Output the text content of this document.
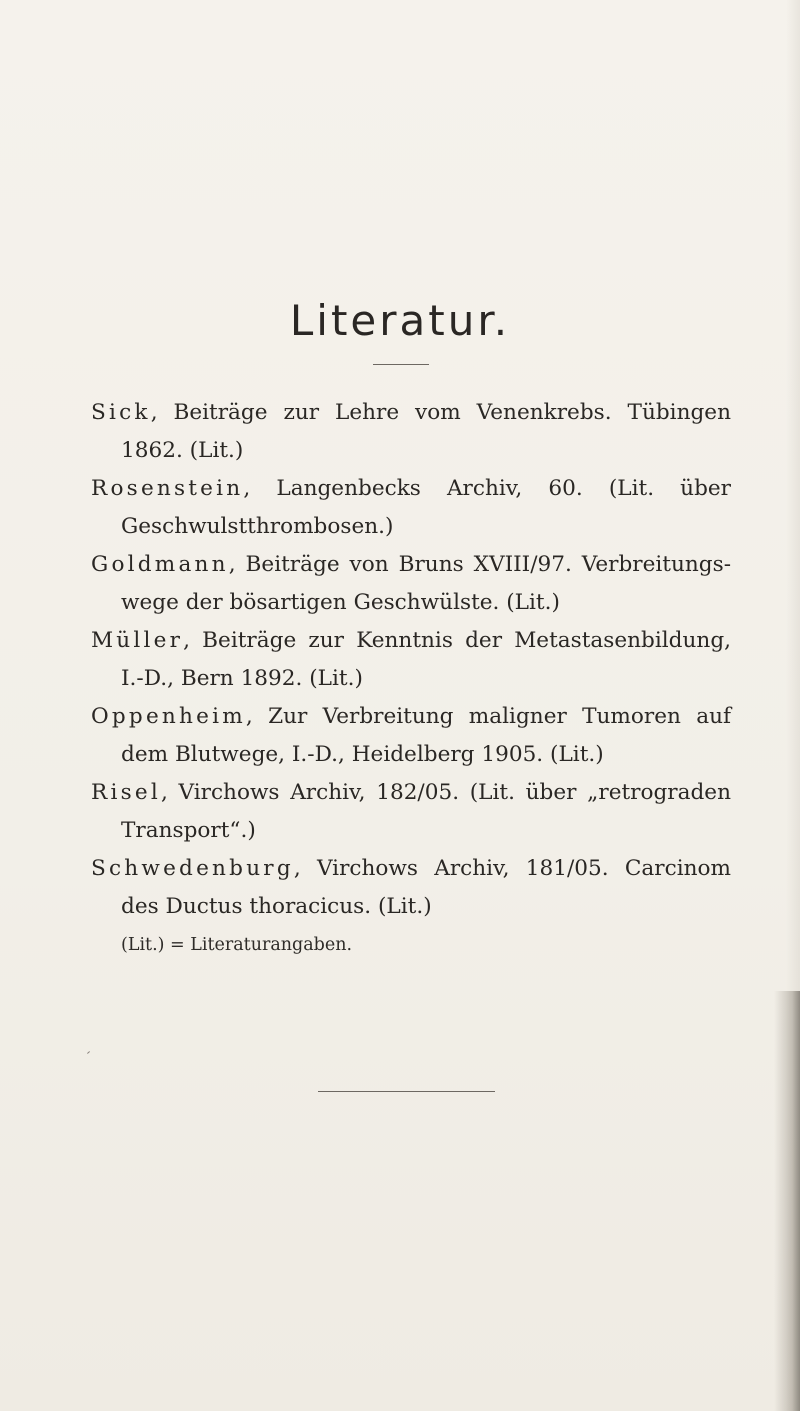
Literatur.

Sick, Beiträge zur Lehre vom Venenkrebs. Tübingen 1862. (Lit.)

Rosenstein, Langenbecks Archiv, 60. (Lit. über Geschwulstthrombosen.)

Goldmann, Beiträge von Bruns XVIII/97. Verbreitungswege der bösartigen Geschwülste. (Lit.)

Müller, Beiträge zur Kenntnis der Metastasenbildung, I.-D., Bern 1892. (Lit.)

Oppenheim, Zur Verbreitung maligner Tumoren auf dem Blutwege, I.-D., Heidelberg 1905. (Lit.)

Risel, Virchows Archiv, 182/05. (Lit. über „retrograden Transport“.)

Schwedenburg, Virchows Archiv, 181/05. Carcinom des Ductus thoracicus. (Lit.)

(Lit.) = Literaturangaben.
